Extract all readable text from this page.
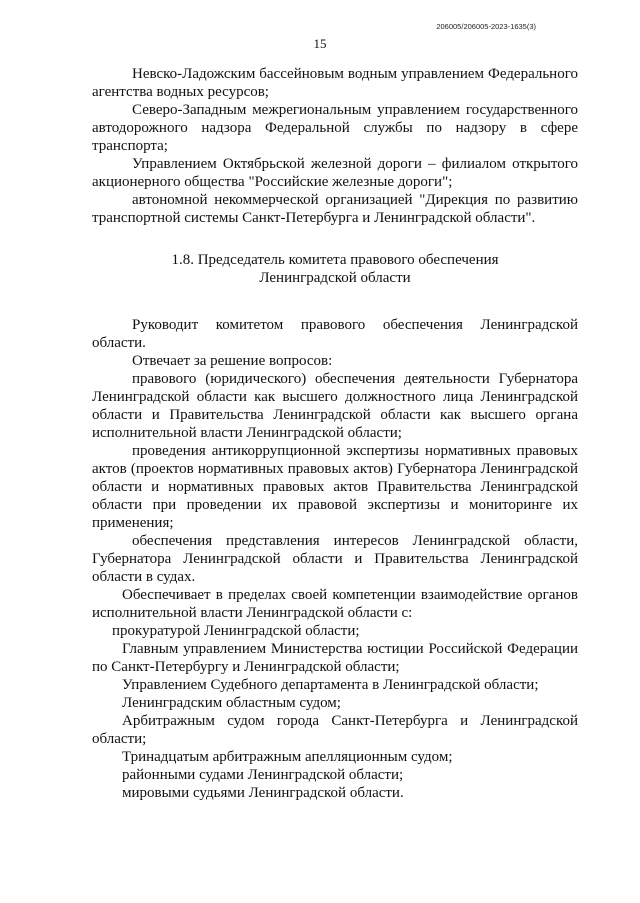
206005/206005-2023-1635(3)
15

Невско-Ладожским бассейновым водным управлением Федерального агентства водных ресурсов;

Северо-Западным межрегиональным управлением государственного автодорожного надзора Федеральной службы по надзору в сфере транспорта;

Управлением Октябрьской железной дороги – филиалом открытого акционерного общества "Российские железные дороги";

автономной некоммерческой организацией "Дирекция по развитию транспортной системы Санкт-Петербурга и Ленинградской области".

1.8. Председатель комитета правового обеспечения
Ленинградской области

Руководит комитетом правового обеспечения Ленинградской области.

Отвечает за решение вопросов:

правового (юридического) обеспечения деятельности Губернатора Ленинградской области как высшего должностного лица Ленинградской области и Правительства Ленинградской области как высшего органа исполнительной власти Ленинградской области;

проведения антикоррупционной экспертизы нормативных правовых актов (проектов нормативных правовых актов) Губернатора Ленинградской области и нормативных правовых актов Правительства Ленинградской области при проведении их правовой экспертизы и мониторинге их применения;

обеспечения представления интересов Ленинградской области, Губернатора Ленинградской области и Правительства Ленинградской области в судах.

Обеспечивает в пределах своей компетенции взаимодействие органов исполнительной власти Ленинградской области с:

прокуратурой Ленинградской области;

Главным управлением Министерства юстиции Российской Федерации по Санкт-Петербургу и Ленинградской области;

Управлением Судебного департамента в Ленинградской области;

Ленинградским областным судом;

Арбитражным судом города Санкт-Петербурга и Ленинградской области;

Тринадцатым арбитражным апелляционным судом;

районными судами Ленинградской области;

мировыми судьями Ленинградской области.
